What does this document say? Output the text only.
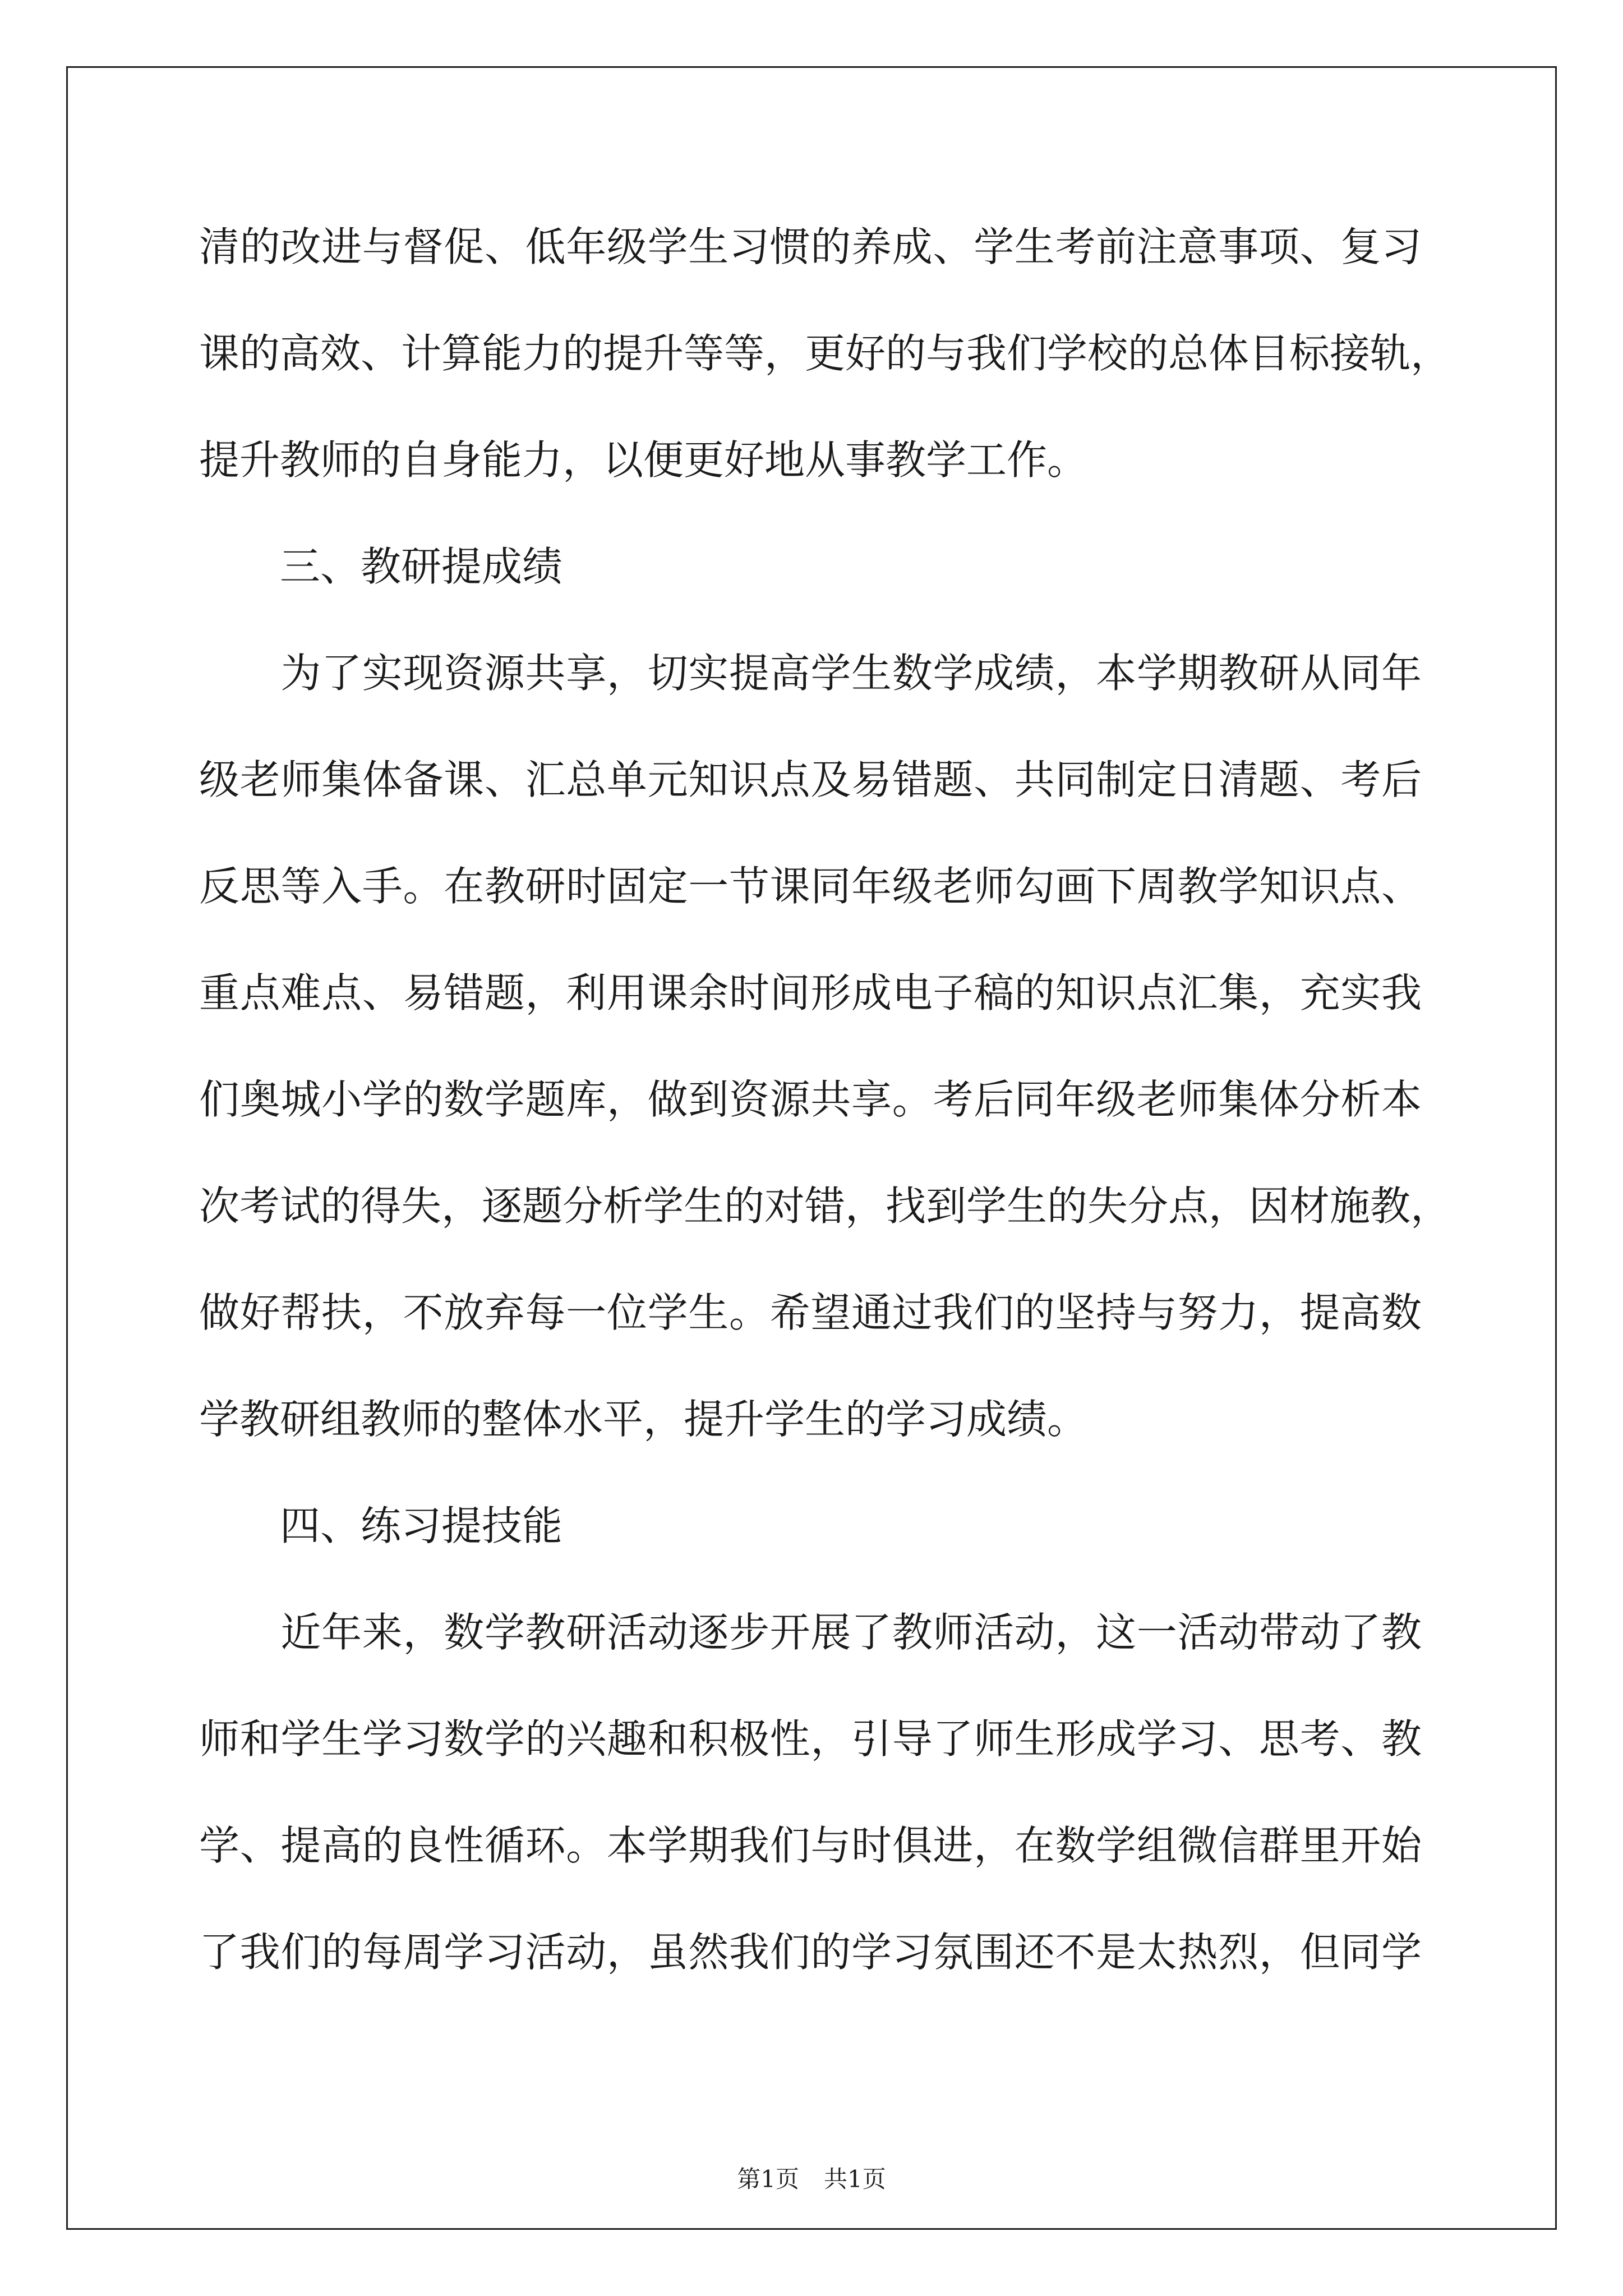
清的改进与督促、低年级学生习惯的养成、学生考前注意事项、复习
课的高效、计算能力的提升等等，更好的与我们学校的总体目标接轨，
提升教师的自身能力，以便更好地从事教学工作。
　　三、教研提成绩
　　为了实现资源共享，切实提高学生数学成绩，本学期教研从同年
级老师集体备课、汇总单元知识点及易错题、共同制定日清题、考后
反思等入手。在教研时固定一节课同年级老师勾画下周教学知识点、
重点难点、易错题，利用课余时间形成电子稿的知识点汇集，充实我
们奥城小学的数学题库，做到资源共享。考后同年级老师集体分析本
次考试的得失，逐题分析学生的对错，找到学生的失分点，因材施教，
做好帮扶，不放弃每一位学生。希望通过我们的坚持与努力，提高数
学教研组教师的整体水平，提升学生的学习成绩。
　　四、练习提技能
　　近年来，数学教研活动逐步开展了教师活动，这一活动带动了教
师和学生学习数学的兴趣和积极性，引导了师生形成学习、思考、教
学、提高的良性循环。本学期我们与时俱进，在数学组微信群里开始
了我们的每周学习活动，虽然我们的学习氛围还不是太热烈，但同学
第1页 共1页
